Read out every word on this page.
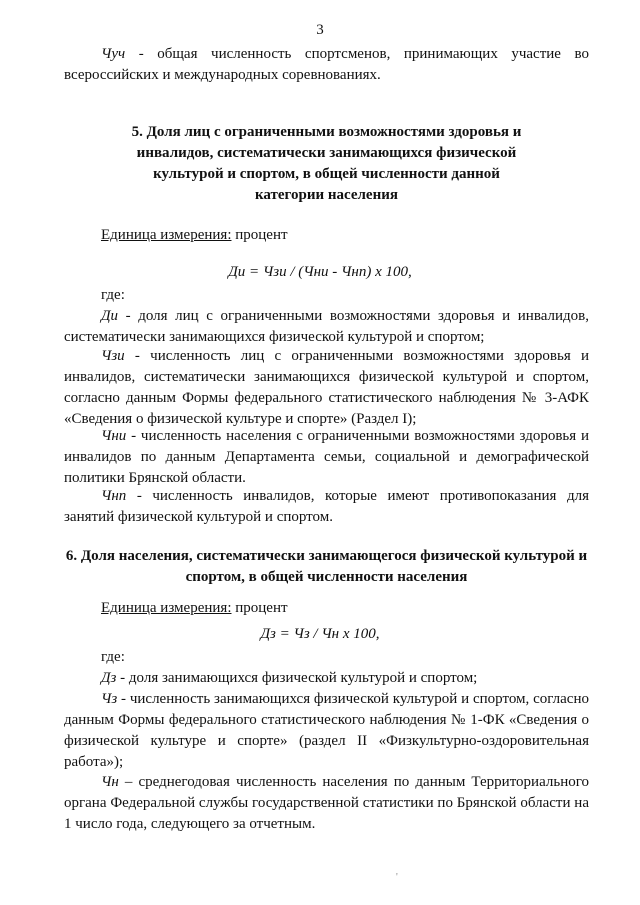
3
Чуч - общая численность спортсменов, принимающих участие во всероссийских и международных соревнованиях.
5. Доля лиц с ограниченными возможностями здоровья и инвалидов, систематически занимающихся физической культурой и спортом, в общей численности данной категории населения
Единица измерения: процент
Ди = Чзи / (Чни - Чнп) x 100,
где:
Ди - доля лиц с ограниченными возможностями здоровья и инвалидов, систематически занимающихся физической культурой и спортом;
Чзи - численность лиц с ограниченными возможностями здоровья и инвалидов, систематически занимающихся физической культурой и спортом, согласно данным Формы федерального статистического наблюдения № 3-АФК «Сведения о физической культуре и спорте» (Раздел I);
Чни - численность населения с ограниченными возможностями здоровья и инвалидов по данным Департамента семьи, социальной и демографической политики Брянской области.
Чнп - численность инвалидов, которые имеют противопоказания для занятий физической культурой и спортом.
6. Доля населения, систематически занимающегося физической культурой и спортом, в общей численности населения
Единица измерения: процент
Дз = Чз / Чн x 100,
где:
Дз - доля занимающихся физической культурой и спортом;
Чз - численность занимающихся физической культурой и спортом, согласно данным Формы федерального статистического наблюдения № 1-ФК «Сведения о физической культуре и спорте» (раздел II «Физкультурно-оздоровительная работа»);
Чн – среднегодовая численность населения по данным Территориального органа Федеральной службы государственной статистики по Брянской области на 1 число года, следующего за отчетным.
'
